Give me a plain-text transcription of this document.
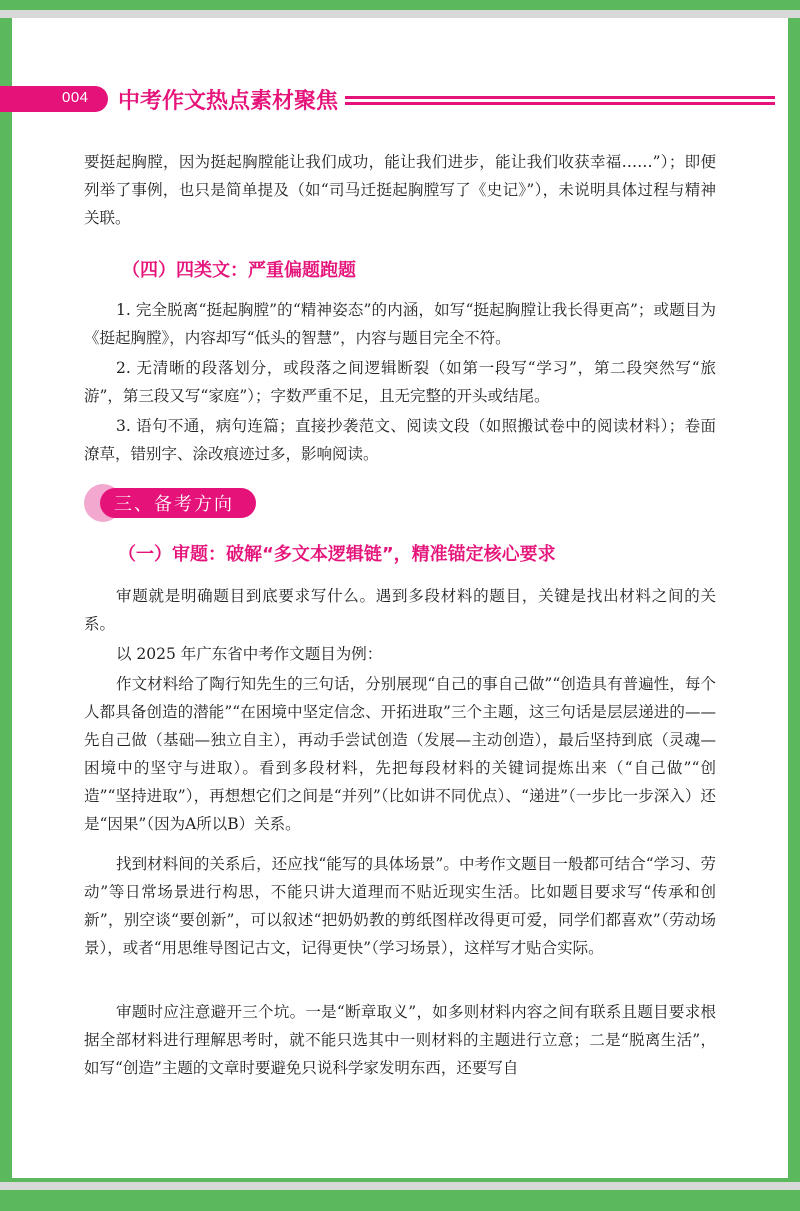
004 中考作文热点素材聚焦
要挺起胸膛，因为挺起胸膛能让我们成功，能让我们进步，能让我们收获幸福……”）；即便列举了事例，也只是简单提及（如“司马迁挺起胸膛写了《史记》”），未说明具体过程与精神关联。
（四）四类文：严重偏题跑题
1. 完全脱离“挺起胸膛”的“精神姿态”的内涵，如写“挺起胸膛让我长得更高”；或题目为《挺起胸膛》，内容却写“低头的智慧”，内容与题目完全不符。
2. 无清晰的段落划分，或段落之间逻辑断裂（如第一段写“学习”，第二段突然写“旅游”，第三段又写“家庭”）；字数严重不足，且无完整的开头或结尾。
3. 语句不通，病句连篇；直接抄袭范文、阅读文段（如照搬试卷中的阅读材料）；卷面潦草，错别字、涂改痕迹过多，影响阅读。
三、备考方向
（一）审题：破解“多文本逻辑链”，精准锚定核心要求
审题就是明确题目到底要求写什么。遇到多段材料的题目，关键是找出材料之间的关系。
以 2025 年广东省中考作文题目为例：
作文材料给了陶行知先生的三句话，分别展现“自己的事自己做”“创造具有普遍性，每个人都具备创造的潜能”“在困境中坚定信念、开拓进取”三个主题，这三句话是层层递进的——先自己做（基础—独立自主），再动手尝试创造（发展—主动创造），最后坚持到底（灵魂—困境中的坚守与进取）。看到多段材料，先把每段材料的关键词提炼出来（“自己做”“创造”“坚持进取”），再想想它们之间是“并列”（比如讲不同优点）、“递进”（一步比一步深入）还是“因果”（因为A所以B）关系。
找到材料间的关系后，还应找“能写的具体场景”。中考作文题目一般都可结合“学习、劳动”等日常场景进行构思，不能只讲大道理而不贴近现实生活。比如题目要求写“传承和创新”，别空谈“要创新”，可以叙述“把奶奶教的剪纸图样改得更可爱，同学们都喜欢”（劳动场景），或者“用思维导图记古文，记得更快”（学习场景），这样写才贴合实际。
审题时应注意避开三个坑。一是“断章取义”，如多则材料内容之间有联系且题目要求根据全部材料进行理解思考时，就不能只选其中一则材料的主题进行立意；二是“脱离生活”，如写“创造”主题的文章时要避免只说科学家发明东西，还要写自
